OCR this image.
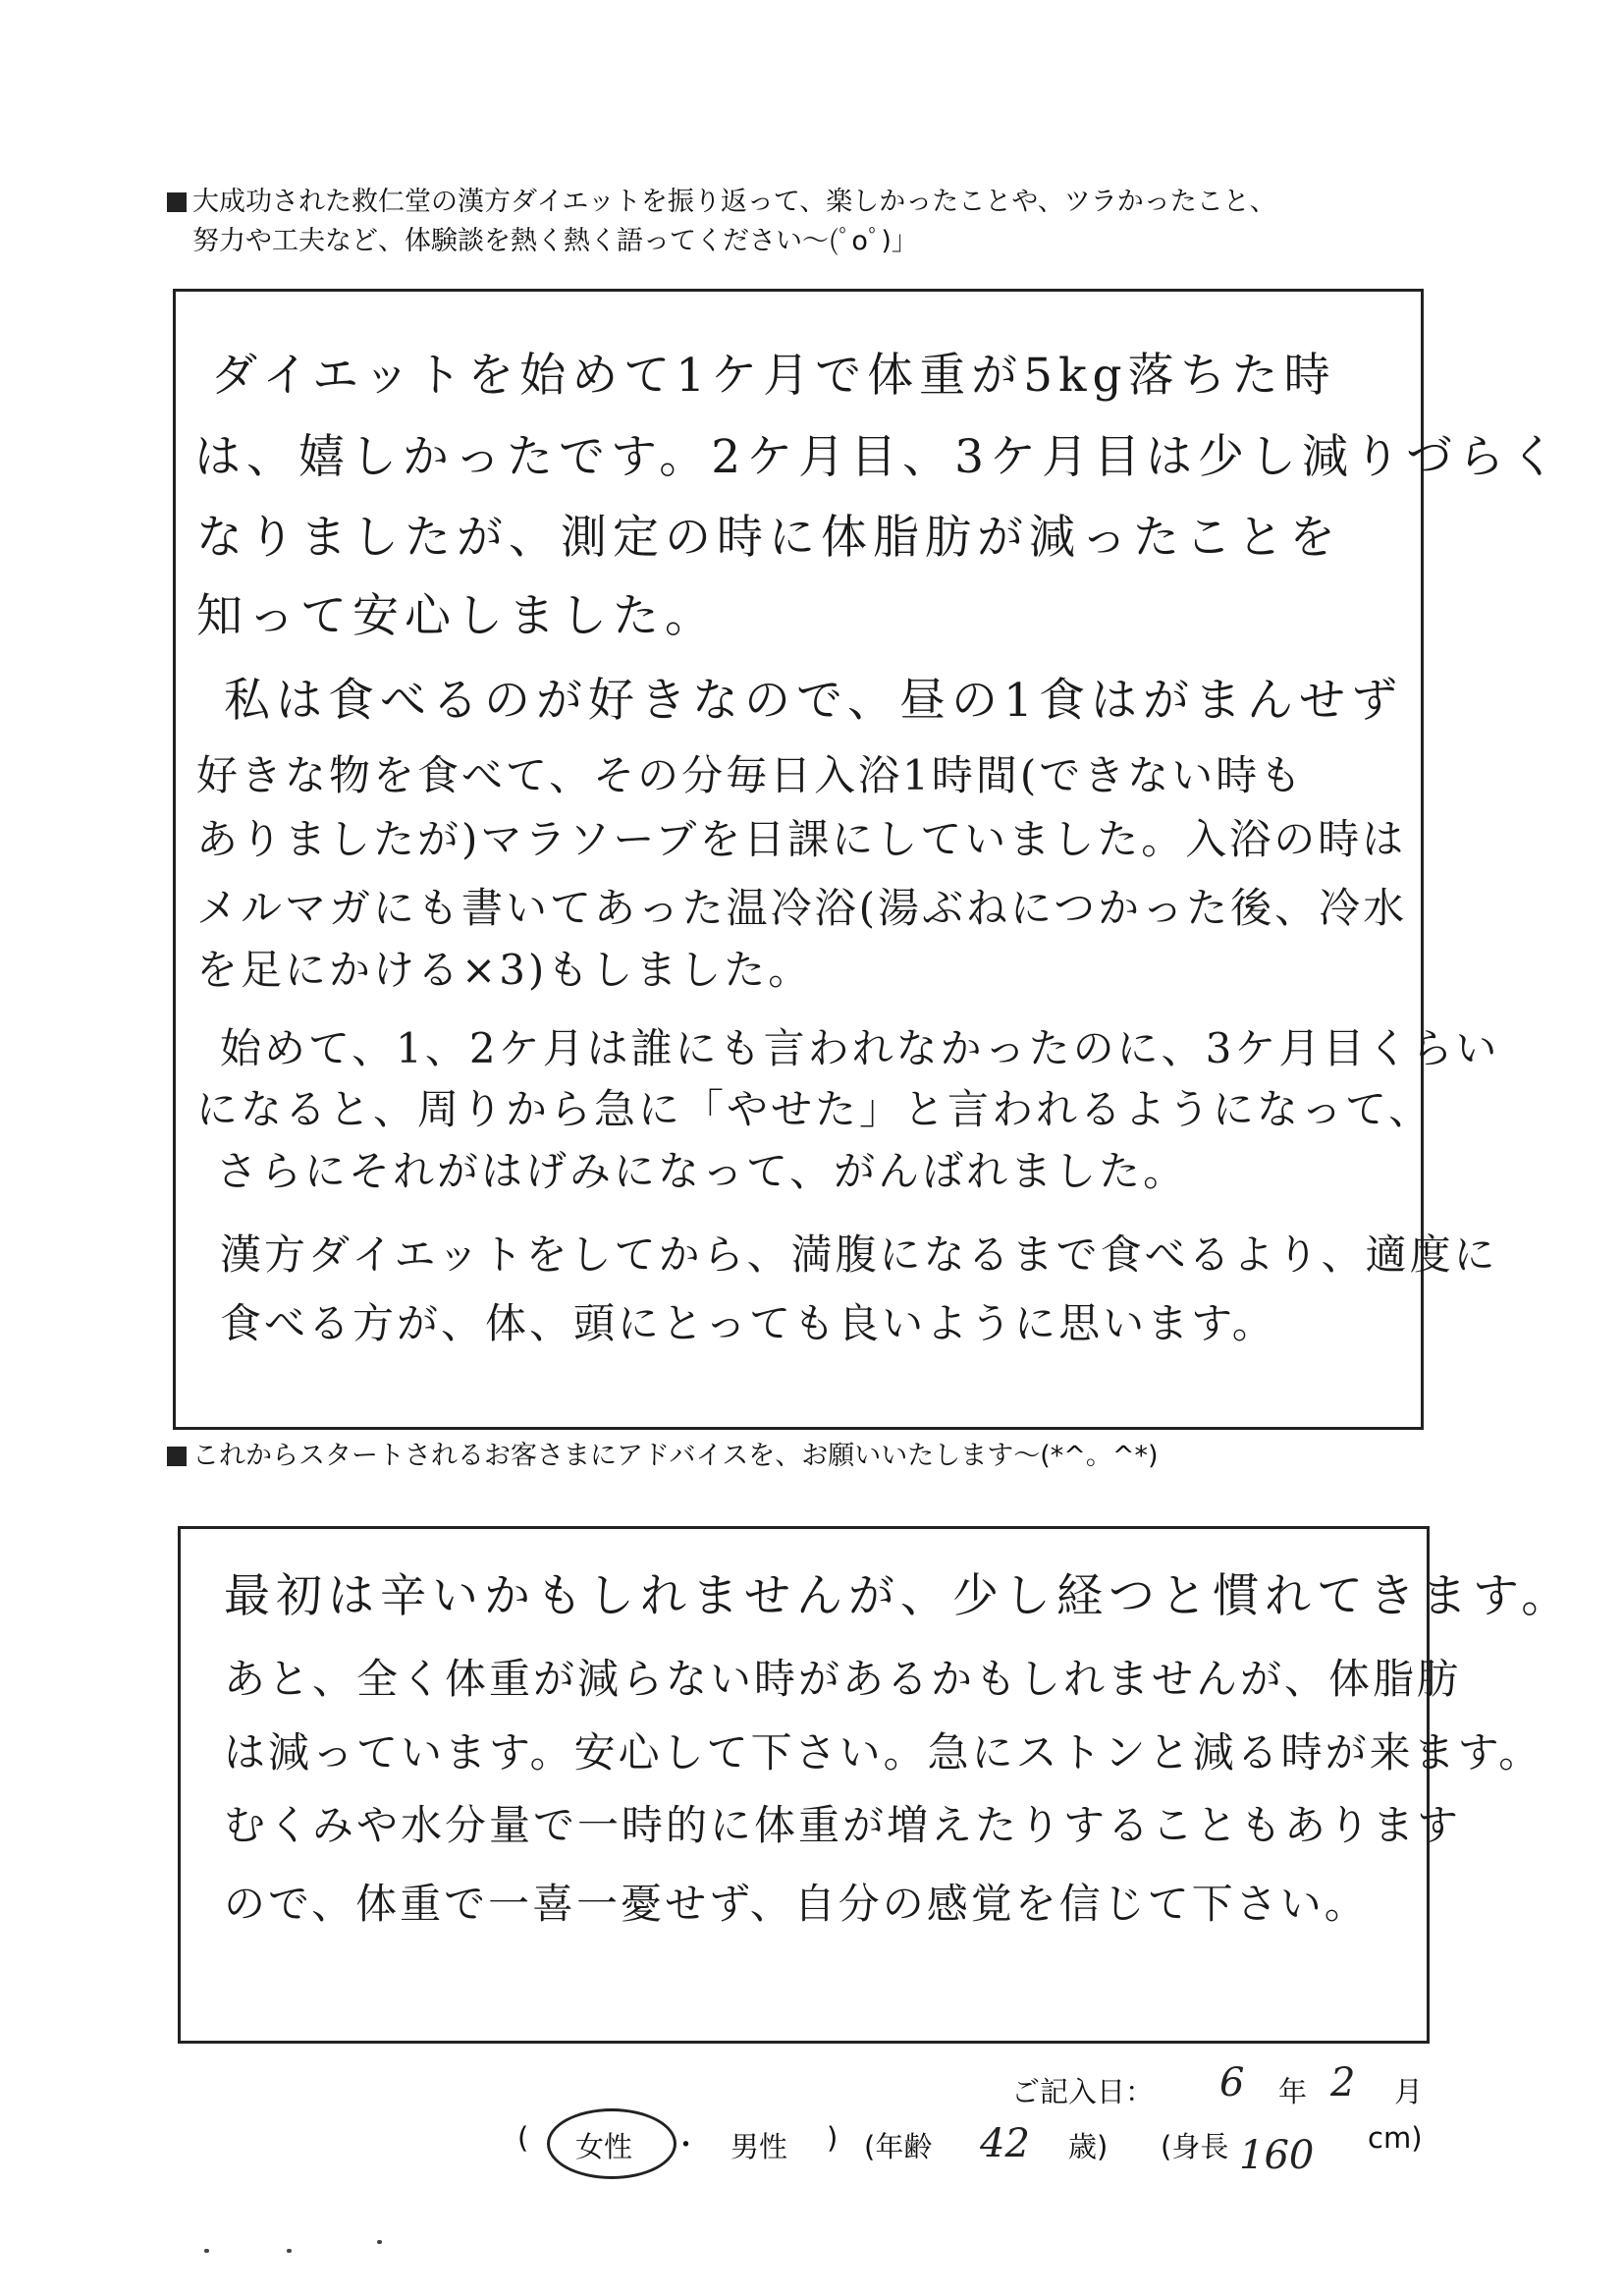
大成功された救仁堂の漢方ダイエットを振り返って、楽しかったことや、ツラかったこと、
努力や工夫など、体験談を熱く熱く語ってください〜(ﾟoﾟ)」
ダイエットを始めて1ケ月で体重が5kg落ちた時
は、嬉しかったです。2ケ月目、3ケ月目は少し減りづらく
なりましたが、測定の時に体脂肪が減ったことを
知って安心しました。
私は食べるのが好きなので、昼の1食はがまんせず
好きな物を食べて、その分毎日入浴1時間(できない時も
ありましたが)マラソーブを日課にしていました。入浴の時は
メルマガにも書いてあった温冷浴(湯ぶねにつかった後、冷水
を足にかける×3)もしました。
始めて、1、2ケ月は誰にも言われなかったのに、3ケ月目くらい
になると、周りから急に「やせた」と言われるようになって、
さらにそれがはげみになって、がんばれました。
漢方ダイエットをしてから、満腹になるまで食べるより、適度に
食べる方が、体、頭にとっても良いように思います。
これからスタートされるお客さまにアドバイスを、お願いいたします〜(*^。^*)
最初は辛いかもしれませんが、少し経つと慣れてきます。
あと、全く体重が減らない時があるかもしれませんが、体脂肪
は減っています。安心して下さい。急にストンと減る時が来ます。
むくみや水分量で一時的に体重が増えたりすることもあります
ので、体重で一喜一憂せず、自分の感覚を信じて下さい。
ご記入日： 6 年 2 月
( 女性 ・ 男性 ) (年齢 42 歳) (身長 160 cm)
